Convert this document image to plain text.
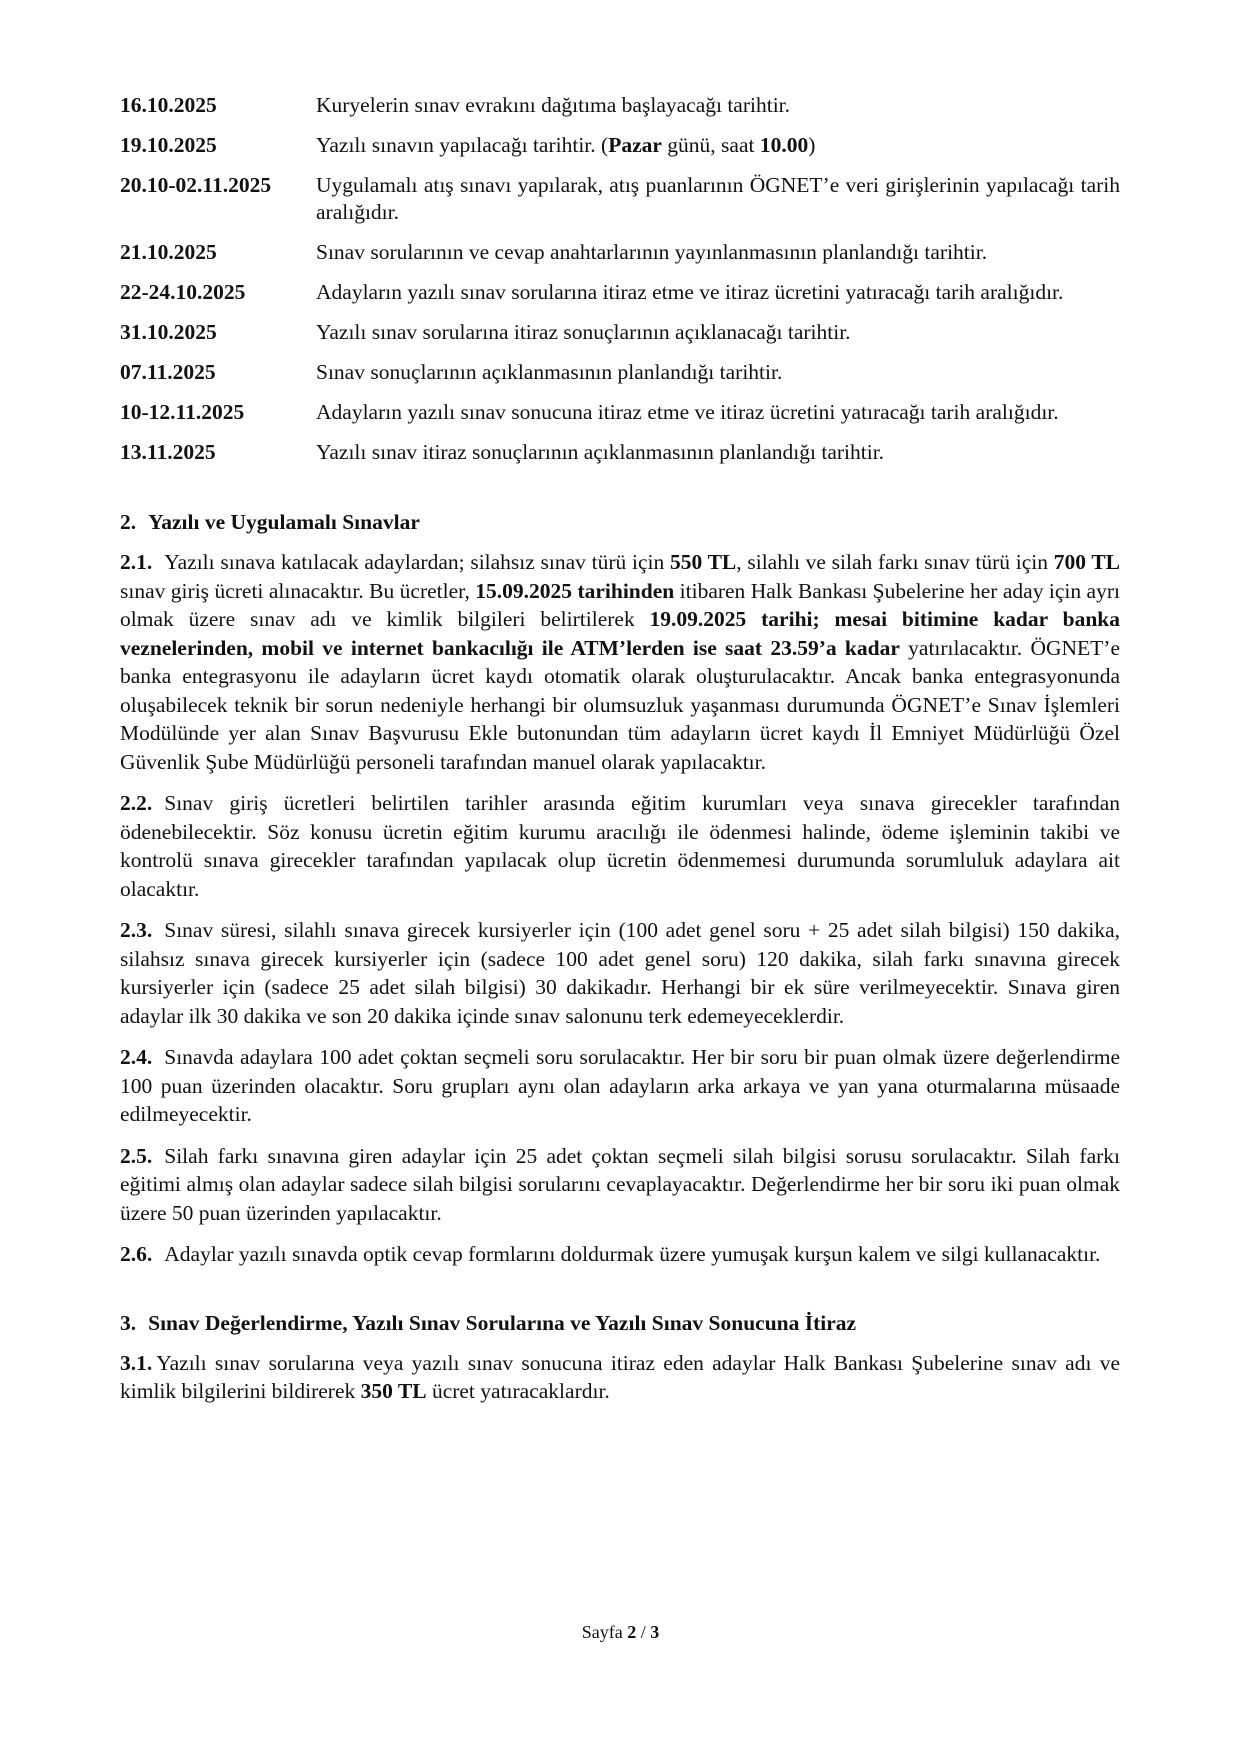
16.10.2025	Kuryelerin sınav evrakını dağıtıma başlayacağı tarihtir.
19.10.2025	Yazılı sınavın yapılacağı tarihtir. (Pazar günü, saat 10.00)
20.10-02.11.2025	Uygulamalı atış sınavı yapılarak, atış puanlarının ÖGNET’e veri girişlerinin yapılacağı tarih aralığıdır.
21.10.2025	Sınav sorularının ve cevap anahtarlarının yayınlanmasının planlandığı tarihtir.
22-24.10.2025	Adayların yazılı sınav sorularına itiraz etme ve itiraz ücretini yatıracağı tarih aralığıdır.
31.10.2025	Yazılı sınav sorularına itiraz sonuçlarının açıklanacağı tarihtir.
07.11.2025	Sınav sonuçlarının açıklanmasının planlandığı tarihtir.
10-12.11.2025	Adayların yazılı sınav sonucuna itiraz etme ve itiraz ücretini yatıracağı tarih aralığıdır.
13.11.2025	Yazılı sınav itiraz sonuçlarının açıklanmasının planlandığı tarihtir.
2. Yazılı ve Uygulamalı Sınavlar

2.1. Yazılı sınava katılacak adaylardan; silahsız sınav türü için 550 TL, silahlı ve silah farkı sınav türü için 700 TL sınav giriş ücreti alınacaktır. Bu ücretler, 15.09.2025 tarihinden itibaren Halk Bankası Şubelerine her aday için ayrı olmak üzere sınav adı ve kimlik bilgileri belirtilerek 19.09.2025 tarihi; mesai bitimine kadar banka veznelerinden, mobil ve internet bankacılığı ile ATM’lerden ise saat 23.59’a kadar yatırılacaktır. ÖGNET’e banka entegrasyonu ile adayların ücret kaydı otomatik olarak oluşturulacaktır. Ancak banka entegrasyonunda oluşabilecek teknik bir sorun nedeniyle herhangi bir olumsuzluk yaşanması durumunda ÖGNET’e Sınav İşlemleri Modülünde yer alan Sınav Başvurusu Ekle butonundan tüm adayların ücret kaydı İl Emniyet Müdürlüğü Özel Güvenlik Şube Müdürlüğü personeli tarafından manuel olarak yapılacaktır.

2.2. Sınav giriş ücretleri belirtilen tarihler arasında eğitim kurumları veya sınava girecekler tarafından ödenebilecektir. Söz konusu ücretin eğitim kurumu aracılığı ile ödenmesi halinde, ödeme işleminin takibi ve kontrolü sınava girecekler tarafından yapılacak olup ücretin ödenmemesi durumunda sorumluluk adaylara ait olacaktır.

2.3. Sınav süresi, silahlı sınava girecek kursiyerler için (100 adet genel soru + 25 adet silah bilgisi) 150 dakika, silahsız sınava girecek kursiyerler için (sadece 100 adet genel soru) 120 dakika, silah farkı sınavına girecek kursiyerler için (sadece 25 adet silah bilgisi) 30 dakikadır. Herhangi bir ek süre verilmeyecektir. Sınava giren adaylar ilk 30 dakika ve son 20 dakika içinde sınav salonunu terk edemeyeceklerdir.

2.4. Sınavda adaylara 100 adet çoktan seçmeli soru sorulacaktır. Her bir soru bir puan olmak üzere değerlendirme 100 puan üzerinden olacaktır. Soru grupları aynı olan adayların arka arkaya ve yan yana oturmalarına müsaade edilmeyecektir.

2.5. Silah farkı sınavına giren adaylar için 25 adet çoktan seçmeli silah bilgisi sorusu sorulacaktır. Silah farkı eğitimi almış olan adaylar sadece silah bilgisi sorularını cevaplayacaktır. Değerlendirme her bir soru iki puan olmak üzere 50 puan üzerinden yapılacaktır.

2.6. Adaylar yazılı sınavda optik cevap formlarını doldurmak üzere yumuşak kurşun kalem ve silgi kullanacaktır.

3. Sınav Değerlendirme, Yazılı Sınav Sorularına ve Yazılı Sınav Sonucuna İtiraz

3.1. Yazılı sınav sorularına veya yazılı sınav sonucuna itiraz eden adaylar Halk Bankası Şubelerine sınav adı ve kimlik bilgilerini bildirerek 350 TL ücret yatıracaklardır.

Sayfa 2 / 3
